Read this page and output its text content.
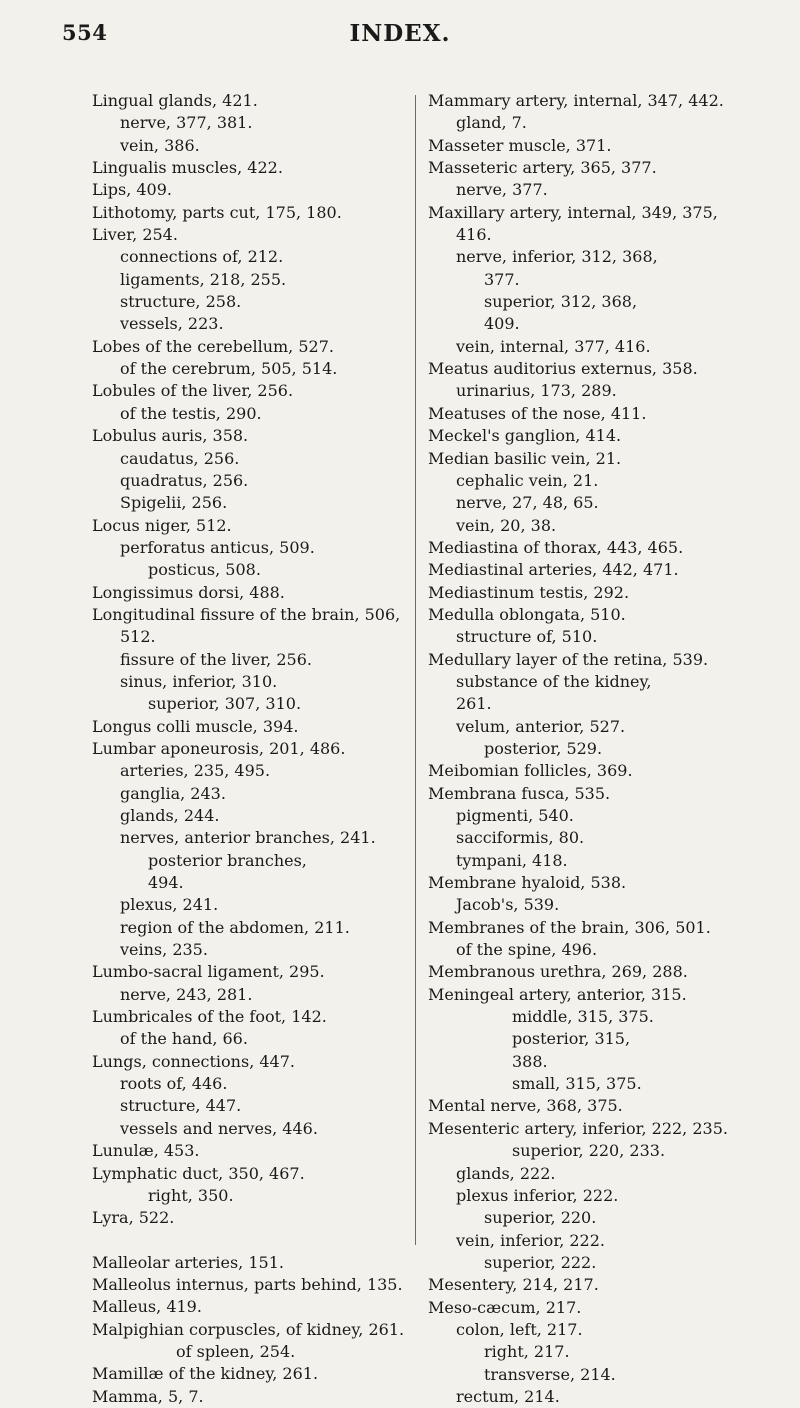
554	INDEX.
Lingual glands, 421.
nerve, 377, 381.
vein, 386.
Lingualis muscles, 422.
Lips, 409.
Lithotomy, parts cut, 175, 180.
Liver, 254.
connections of, 212.
ligaments, 218, 255.
structure, 258.
vessels, 223.
Lobes of the cerebellum, 527.
of the cerebrum, 505, 514.
Lobules of the liver, 256.
of the testis, 290.
Lobulus auris, 358.
caudatus, 256.
quadratus, 256.
Spigelii, 256.
Locus niger, 512.
perforatus anticus, 509.
posticus, 508.
Longissimus dorsi, 488.
Longitudinal fissure of the brain, 506,
512.
fissure of the liver, 256.
sinus, inferior, 310.
superior, 307, 310.
Longus colli muscle, 394.
Lumbar aponeurosis, 201, 486.
arteries, 235, 495.
ganglia, 243.
glands, 244.
nerves, anterior branches, 241.
posterior branches,
494.
plexus, 241.
region of the abdomen, 211.
veins, 235.
Lumbo-sacral ligament, 295.
nerve, 243, 281.
Lumbricales of the foot, 142.
of the hand, 66.
Lungs, connections, 447.
roots of, 446.
structure, 447.
vessels and nerves, 446.
Lunulæ, 453.
Lymphatic duct, 350, 467.
right, 350.
Lyra, 522.
Malleolar arteries, 151.
Malleolus internus, parts behind, 135.
Malleus, 419.
Malpighian corpuscles, of kidney, 261.
of spleen, 254.
Mamillæ of the kidney, 261.
Mamma, 5, 7.
Mammary artery, internal, 347, 442.
gland, 7.
Masseter muscle, 371.
Masseteric artery, 365, 377.
nerve, 377.
Maxillary artery, internal, 349, 375,
416.
nerve, inferior, 312, 368,
377.
superior, 312, 368,
409.
vein, internal, 377, 416.
Meatus auditorius externus, 358.
urinarius, 173, 289.
Meatuses of the nose, 411.
Meckel's ganglion, 414.
Median basilic vein, 21.
cephalic vein, 21.
nerve, 27, 48, 65.
vein, 20, 38.
Mediastina of thorax, 443, 465.
Mediastinal arteries, 442, 471.
Mediastinum testis, 292.
Medulla oblongata, 510.
structure of, 510.
Medullary layer of the retina, 539.
substance of the kidney,
261.
velum, anterior, 527.
posterior, 529.
Meibomian follicles, 369.
Membrana fusca, 535.
pigmenti, 540.
sacciformis, 80.
tympani, 418.
Membrane hyaloid, 538.
Jacob's, 539.
Membranes of the brain, 306, 501.
of the spine, 496.
Membranous urethra, 269, 288.
Meningeal artery, anterior, 315.
middle, 315, 375.
posterior, 315,
388.
small, 315, 375.
Mental nerve, 368, 375.
Mesenteric artery, inferior, 222, 235.
superior, 220, 233.
glands, 222.
plexus inferior, 222.
superior, 220.
vein, inferior, 222.
superior, 222.
Mesentery, 214, 217.
Meso-cæcum, 217.
colon, left, 217.
right, 217.
transverse, 214.
rectum, 214.
